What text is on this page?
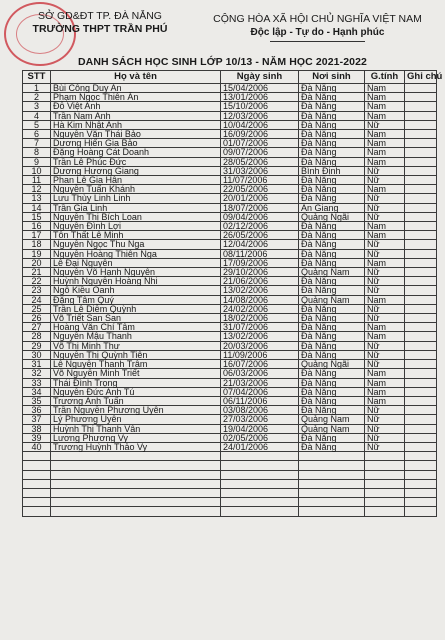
SỞ GD&ĐT TP. ĐÀ NẴNG
TRƯỜNG THPT TRẦN PHÚ
CỘNG HÒA XÃ HỘI CHỦ NGHĨA VIỆT NAM
Độc lập - Tự do - Hạnh phúc
DANH SÁCH HỌC SINH LỚP 10/13 - NĂM HỌC 2021-2022
STT	Họ và tên	Ngày sinh	Nơi sinh	G.tính	Ghi chú
1	Bùi Công Duy An	15/04/2006	Đà Nẵng	Nam	
2	Phạm Ngọc Thiên Ân	13/01/2006	Đà Nẵng	Nam	
3	Đỗ Việt Anh	15/10/2006	Đà Nẵng	Nam	
4	Trần Nam Anh	12/03/2006	Đà Nẵng	Nam	
5	Hà Kim Nhật Anh	10/04/2006	Đà Nẵng	Nữ	
6	Nguyễn Văn Thái Bảo	16/09/2006	Đà Nẵng	Nam	
7	Dương Hiển Gia Bảo	01/07/2006	Đà Nẵng	Nam	
8	Đặng Hoàng Cát Doanh	09/07/2006	Đà Nẵng	Nam	
9	Trần Lê Phúc Đức	28/05/2006	Đà Nẵng	Nam	
10	Dương Hương Giang	31/03/2006	Bình Định	Nữ	
11	Phan Lê Gia Hân	11/07/2006	Đà Nẵng	Nữ	
12	Nguyễn Tuấn Khánh	22/05/2006	Đà Nẵng	Nam	
13	Lưu Thùy Linh Linh	20/01/2006	Đà Nẵng	Nữ	
14	Trần Gia Linh	18/07/2006	An Giang	Nữ	
15	Nguyễn Thị Bích Loan	09/04/2006	Quảng Ngãi	Nữ	
16	Nguyễn Đình Lợi	02/12/2006	Đà Nẵng	Nam	
17	Tôn Thất Lê Minh	26/05/2006	Đà Nẵng	Nam	
18	Nguyễn Ngọc Thu Nga	12/04/2006	Đà Nẵng	Nữ	
19	Nguyễn Hoàng Thiên Nga	08/11/2006	Đà Nẵng	Nữ	
20	Lê Đại Nguyên	17/09/2006	Đà Nẵng	Nam	
21	Nguyễn Võ Hạnh Nguyên	29/10/2006	Quảng Nam	Nữ	
22	Huỳnh Nguyễn Hoàng Nhi	21/06/2006	Đà Nẵng	Nữ	
23	Ngô Kiều Oanh	13/02/2006	Đà Nẵng	Nữ	
24	Đặng Tâm Quý	14/08/2006	Quảng Nam	Nam	
25	Trần Lê Diễm Quỳnh	24/02/2006	Đà Nẵng	Nữ	
26	Võ Triết San San	18/02/2006	Đà Nẵng	Nữ	
27	Hoàng Văn Chí Tâm	31/07/2006	Đà Nẵng	Nam	
28	Nguyễn Mậu Thanh	13/02/2006	Đà Nẵng	Nam	
29	Võ Thị Minh Thư	20/03/2006	Đà Nẵng	Nữ	
30	Nguyễn Thị Quỳnh Tiên	11/09/2006	Đà Nẵng	Nữ	
31	Lê Nguyễn Thanh Trâm	16/07/2006	Quảng Ngãi	Nữ	
32	Võ Nguyễn Minh Triết	06/03/2006	Đà Nẵng	Nam	
33	Thái Đình Trọng	21/03/2006	Đà Nẵng	Nam	
34	Nguyễn Đức Anh Tú	07/04/2006	Đà Nẵng	Nam	
35	Trương Anh Tuấn	06/11/2006	Đà Nẵng	Nam	
36	Trần Nguyễn Phương Uyên	03/08/2006	Đà Nẵng	Nữ	
37	Lý Phương Uyên	27/03/2006	Quảng Nam	Nữ	
38	Huỳnh Thị Thanh Vân	19/04/2006	Quảng Nam	Nữ	
39	Lương Phương Vy	02/05/2006	Đà Nẵng	Nữ	
40	Trương Huỳnh Thảo Vy	24/01/2006	Đà Nẵng	Nữ	
